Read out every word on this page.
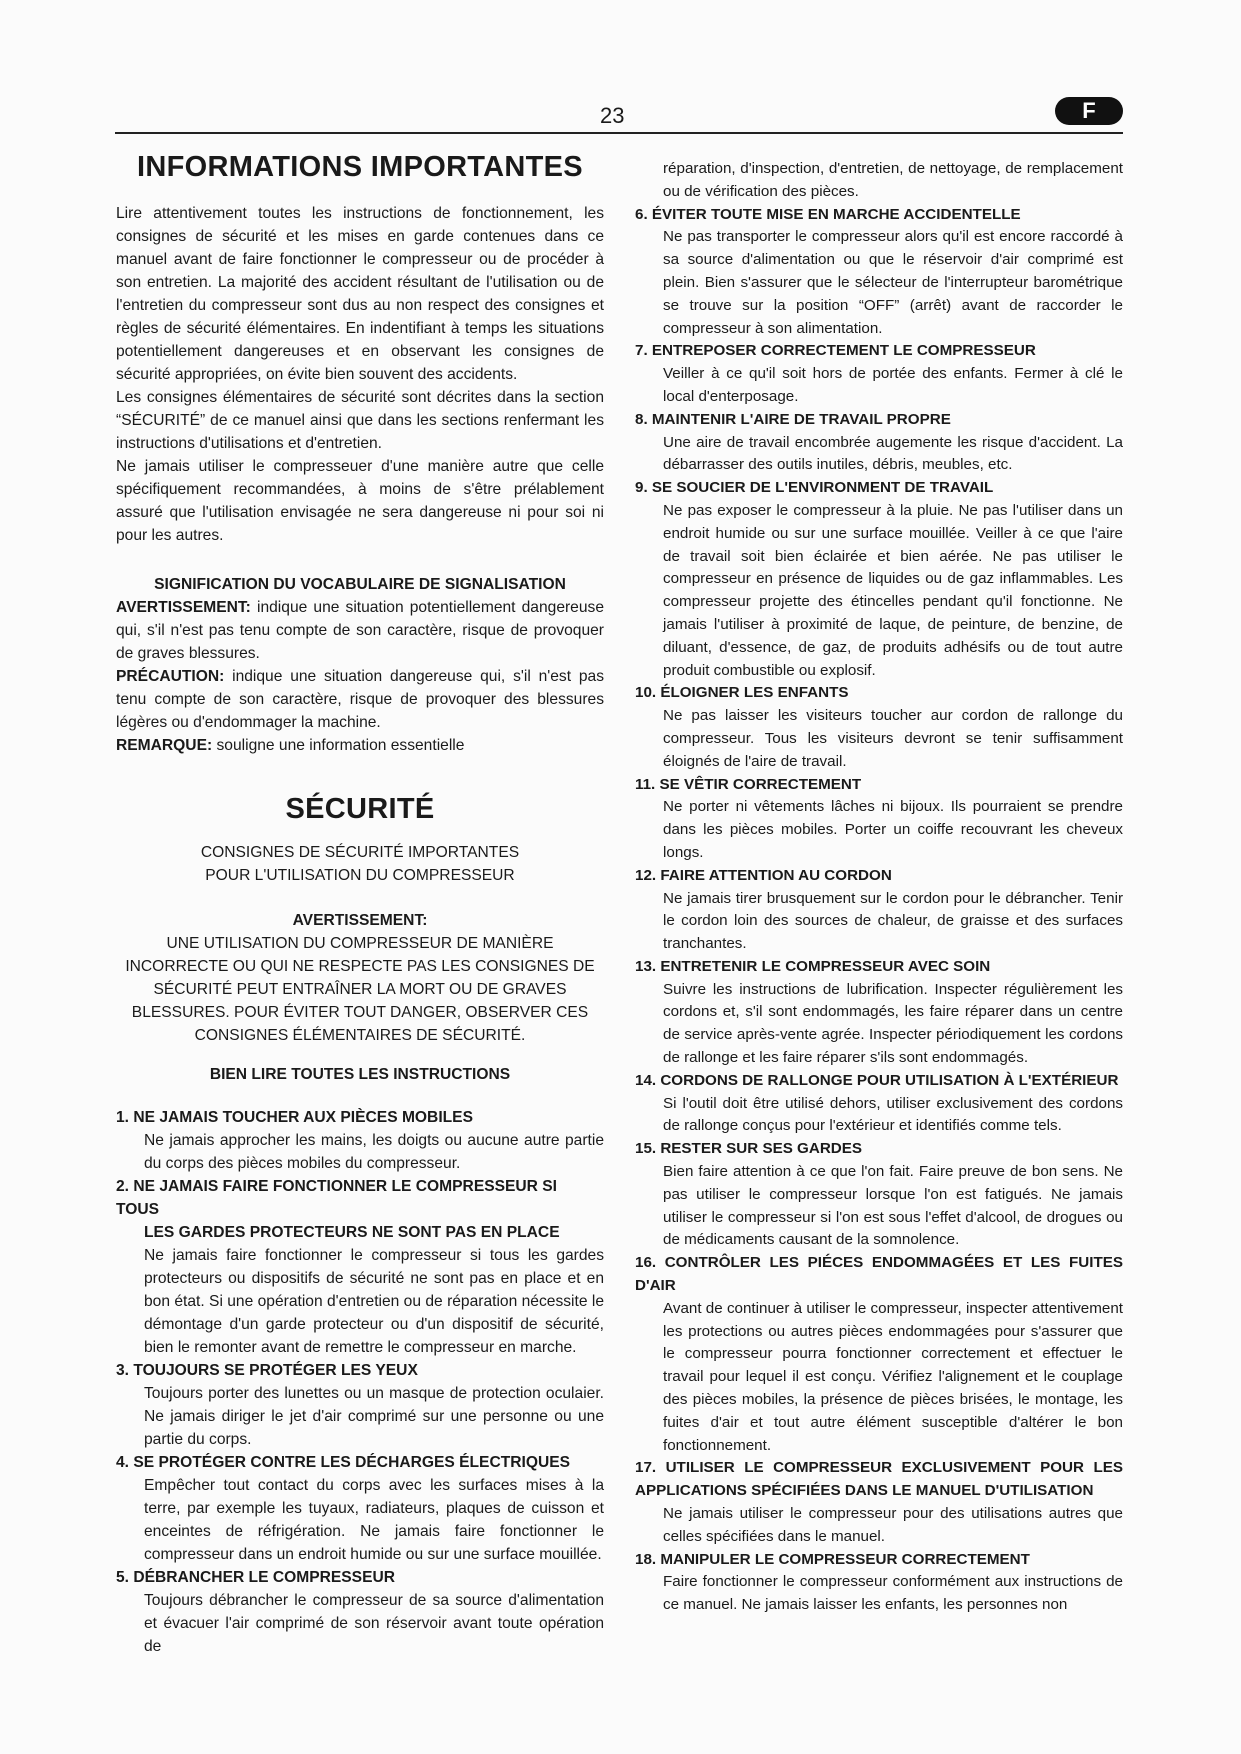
23	F
INFORMATIONS IMPORTANTES

Lire attentivement toutes les instructions de fonctionnement, les consignes de sécurité et les mises en garde contenues dans ce manuel avant de faire fonctionner le compresseur ou de procéder à son entretien. La majorité des accident résultant de l'utilisation ou de l'entretien du compresseur sont dus au non respect des consignes et règles de sécurité élémentaires. En indentifiant à temps les situations potentiellement dangereuses et en observant les consignes de sécurité appropriées, on évite bien souvent des accidents.

Les consignes élémentaires de sécurité sont décrites dans la section “SÉCURITÉ” de ce manuel ainsi que dans les sections renfermant les instructions d'utilisations et d'entretien.

Ne jamais utiliser le compresseuer d'une manière autre que celle spécifiquement recommandées, à moins de s'être prélablement assuré que l'utilisation envisagée ne sera dangereuse ni pour soi ni pour les autres.

SIGNIFICATION DU VOCABULAIRE DE SIGNALISATION

AVERTISSEMENT: indique une situation potentiellement dangereuse qui, s'il n'est pas tenu compte de son caractère, risque de provoquer de graves blessures.

PRÉCAUTION: indique une situation dangereuse qui, s'il n'est pas tenu compte de son caractère, risque de provoquer des blessures légères ou d'endommager la machine.

REMARQUE: souligne une information essentielle

SÉCURITÉ
CONSIGNES DE SÉCURITÉ IMPORTANTES
POUR L'UTILISATION DU COMPRESSEUR
AVERTISSEMENT:
UNE UTILISATION DU COMPRESSEUR DE MANIÈRE INCORRECTE OU QUI NE RESPECTE PAS LES CONSIGNES DE SÉCURITÉ PEUT ENTRAÎNER LA MORT OU DE GRAVES BLESSURES. POUR ÉVITER TOUT DANGER, OBSERVER CES CONSIGNES ÉLÉMENTAIRES DE SÉCURITÉ.
BIEN LIRE TOUTES LES INSTRUCTIONS
1. NE JAMAIS TOUCHER AUX PIÈCES MOBILES
Ne jamais approcher les mains, les doigts ou aucune autre partie du corps des pièces mobiles du compresseur.
2. NE JAMAIS FAIRE FONCTIONNER LE COMPRESSEUR SI TOUS
LES GARDES PROTECTEURS NE SONT PAS EN PLACE
Ne jamais faire fonctionner le compresseur si tous les gardes protecteurs ou dispositifs de sécurité ne sont pas en place et en bon état. Si une opération d'entretien ou de réparation nécessite le démontage d'un garde protecteur ou d'un dispositif de sécurité, bien le remonter avant de remettre le compresseur en marche.
3. TOUJOURS SE PROTÉGER LES YEUX
Toujours porter des lunettes ou un masque de protection oculaier. Ne jamais diriger le jet d'air comprimé sur une personne ou une partie du corps.
4. SE PROTÉGER CONTRE LES DÉCHARGES ÉLECTRIQUES
Empêcher tout contact du corps avec les surfaces mises à la terre, par exemple les tuyaux, radiateurs, plaques de cuisson et enceintes de réfrigération. Ne jamais faire fonctionner le compresseur dans un endroit humide ou sur une surface mouillée.
5. DÉBRANCHER LE COMPRESSEUR
Toujours débrancher le compresseur de sa source d'alimentation et évacuer l'air comprimé de son réservoir avant toute opération de
réparation, d'inspection, d'entretien, de nettoyage, de remplacement ou de vérification des pièces.
6. ÉVITER TOUTE MISE EN MARCHE ACCIDENTELLE
Ne pas transporter le compresseur alors qu'il est encore raccordé à sa source d'alimentation ou que le réservoir d'air comprimé est plein. Bien s'assurer que le sélecteur de l'interrupteur barométrique se trouve sur la position “OFF” (arrêt) avant de raccorder le compresseur à son alimentation.
7. ENTREPOSER CORRECTEMENT LE COMPRESSEUR
Veiller à ce qu'il soit hors de portée des enfants. Fermer à clé le local d'enterposage.
8. MAINTENIR L'AIRE DE TRAVAIL PROPRE
Une aire de travail encombrée augemente les risque d'accident. La débarrasser des outils inutiles, débris, meubles, etc.
9. SE SOUCIER DE L'ENVIRONMENT DE TRAVAIL
Ne pas exposer le compresseur à la pluie. Ne pas l'utiliser dans un endroit humide ou sur une surface mouillée. Veiller à ce que l'aire de travail soit bien éclairée et bien aérée. Ne pas utiliser le compresseur en présence de liquides ou de gaz inflammables. Les compresseur projette des étincelles pendant qu'il fonctionne. Ne jamais l'utiliser à proximité de laque, de peinture, de benzine, de diluant, d'essence, de gaz, de produits adhésifs ou de tout autre produit combustible ou explosif.
10. ÉLOIGNER LES ENFANTS
Ne pas laisser les visiteurs toucher aur cordon de rallonge du compresseur. Tous les visiteurs devront se tenir suffisamment éloignés de l'aire de travail.
11. SE VÊTIR CORRECTEMENT
Ne porter ni vêtements lâches ni bijoux. Ils pourraient se prendre dans les pièces mobiles. Porter un coiffe recouvrant les cheveux longs.
12. FAIRE ATTENTION AU CORDON
Ne jamais tirer brusquement sur le cordon pour le débrancher. Tenir le cordon loin des sources de chaleur, de graisse et des surfaces tranchantes.
13. ENTRETENIR LE COMPRESSEUR AVEC SOIN
Suivre les instructions de lubrification. Inspecter régulièrement les cordons et, s'il sont endommagés, les faire réparer dans un centre de service après-vente agrée. Inspecter périodiquement les cordons de rallonge et les faire réparer s'ils sont endommagés.
14. CORDONS DE RALLONGE POUR UTILISATION À L'EXTÉRIEUR
Si l'outil doit être utilisé dehors, utiliser exclusivement des cordons de rallonge conçus pour l'extérieur et identifiés comme tels.
15. RESTER SUR SES GARDES
Bien faire attention à ce que l'on fait. Faire preuve de bon sens. Ne pas utiliser le compresseur lorsque l'on est fatigués. Ne jamais utiliser le compresseur si l'on est sous l'effet d'alcool, de drogues ou de médicaments causant de la somnolence.
16. CONTRÔLER LES PIÉCES ENDOMMAGÉES ET LES FUITES D'AIR
Avant de continuer à utiliser le compresseur, inspecter attentivement les protections ou autres pièces endommagées pour s'assurer que le compresseur pourra fonctionner correctement et effectuer le travail pour lequel il est conçu. Vérifiez l'alignement et le couplage des pièces mobiles, la présence de pièces brisées, le montage, les fuites d'air et tout autre élément susceptible d'altérer le bon fonctionnement.
17. UTILISER LE COMPRESSEUR EXCLUSIVEMENT POUR LES APPLICATIONS SPÉCIFIÉES DANS LE MANUEL D'UTILISATION
Ne jamais utiliser le compresseur pour des utilisations autres que celles spécifiées dans le manuel.
18. MANIPULER LE COMPRESSEUR CORRECTEMENT
Faire fonctionner le compresseur conformément aux instructions de ce manuel. Ne jamais laisser les enfants, les personnes non
